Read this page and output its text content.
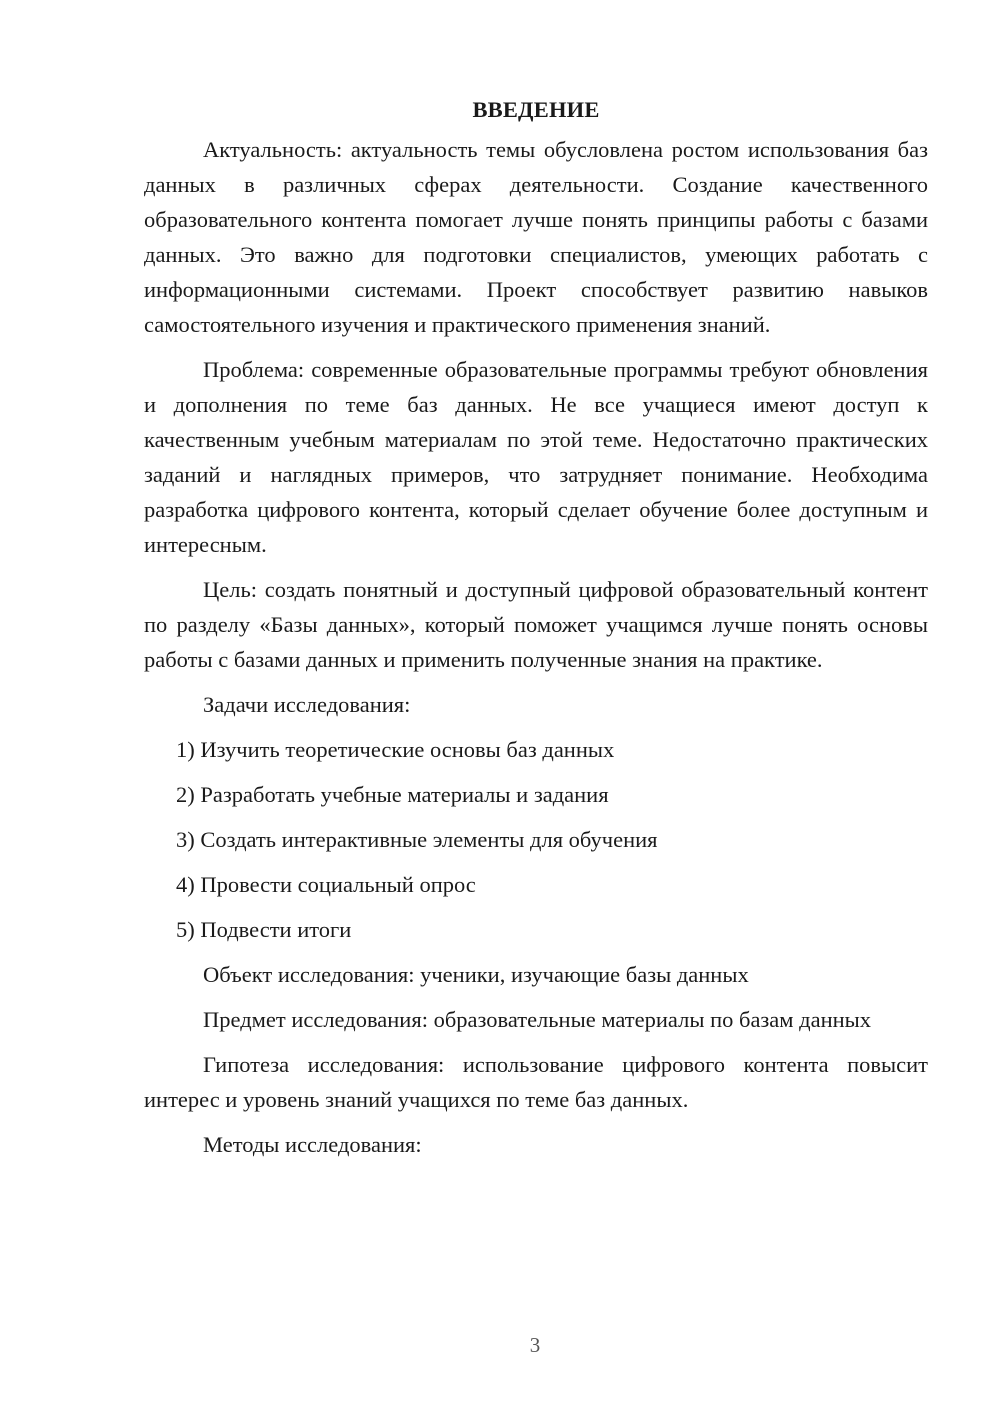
ВВЕДЕНИЕ

Актуальность: актуальность темы обусловлена ростом использования баз данных в различных сферах деятельности. Создание качественного образовательного контента помогает лучше понять принципы работы с базами данных. Это важно для подготовки специалистов, умеющих работать с информационными системами. Проект способствует развитию навыков самостоятельного изучения и практического применения знаний.

Проблема: современные образовательные программы требуют обновления и дополнения по теме баз данных. Не все учащиеся имеют доступ к качественным учебным материалам по этой теме. Недостаточно практических заданий и наглядных примеров, что затрудняет понимание. Необходима разработка цифрового контента, который сделает обучение более доступным и интересным.

Цель: создать понятный и доступный цифровой образовательный контент по разделу «Базы данных», который поможет учащимся лучше понять основы работы с базами данных и применить полученные знания на практике.

Задачи исследования:

1) Изучить теоретические основы баз данных
2) Разработать учебные материалы и задания
3) Создать интерактивные элементы для обучения
4) Провести социальный опрос
5) Подвести итоги

Объект исследования: ученики, изучающие базы данных

Предмет исследования: образовательные материалы по базам данных

Гипотеза исследования: использование цифрового контента повысит интерес и уровень знаний учащихся по теме баз данных.

Методы исследования:

3
